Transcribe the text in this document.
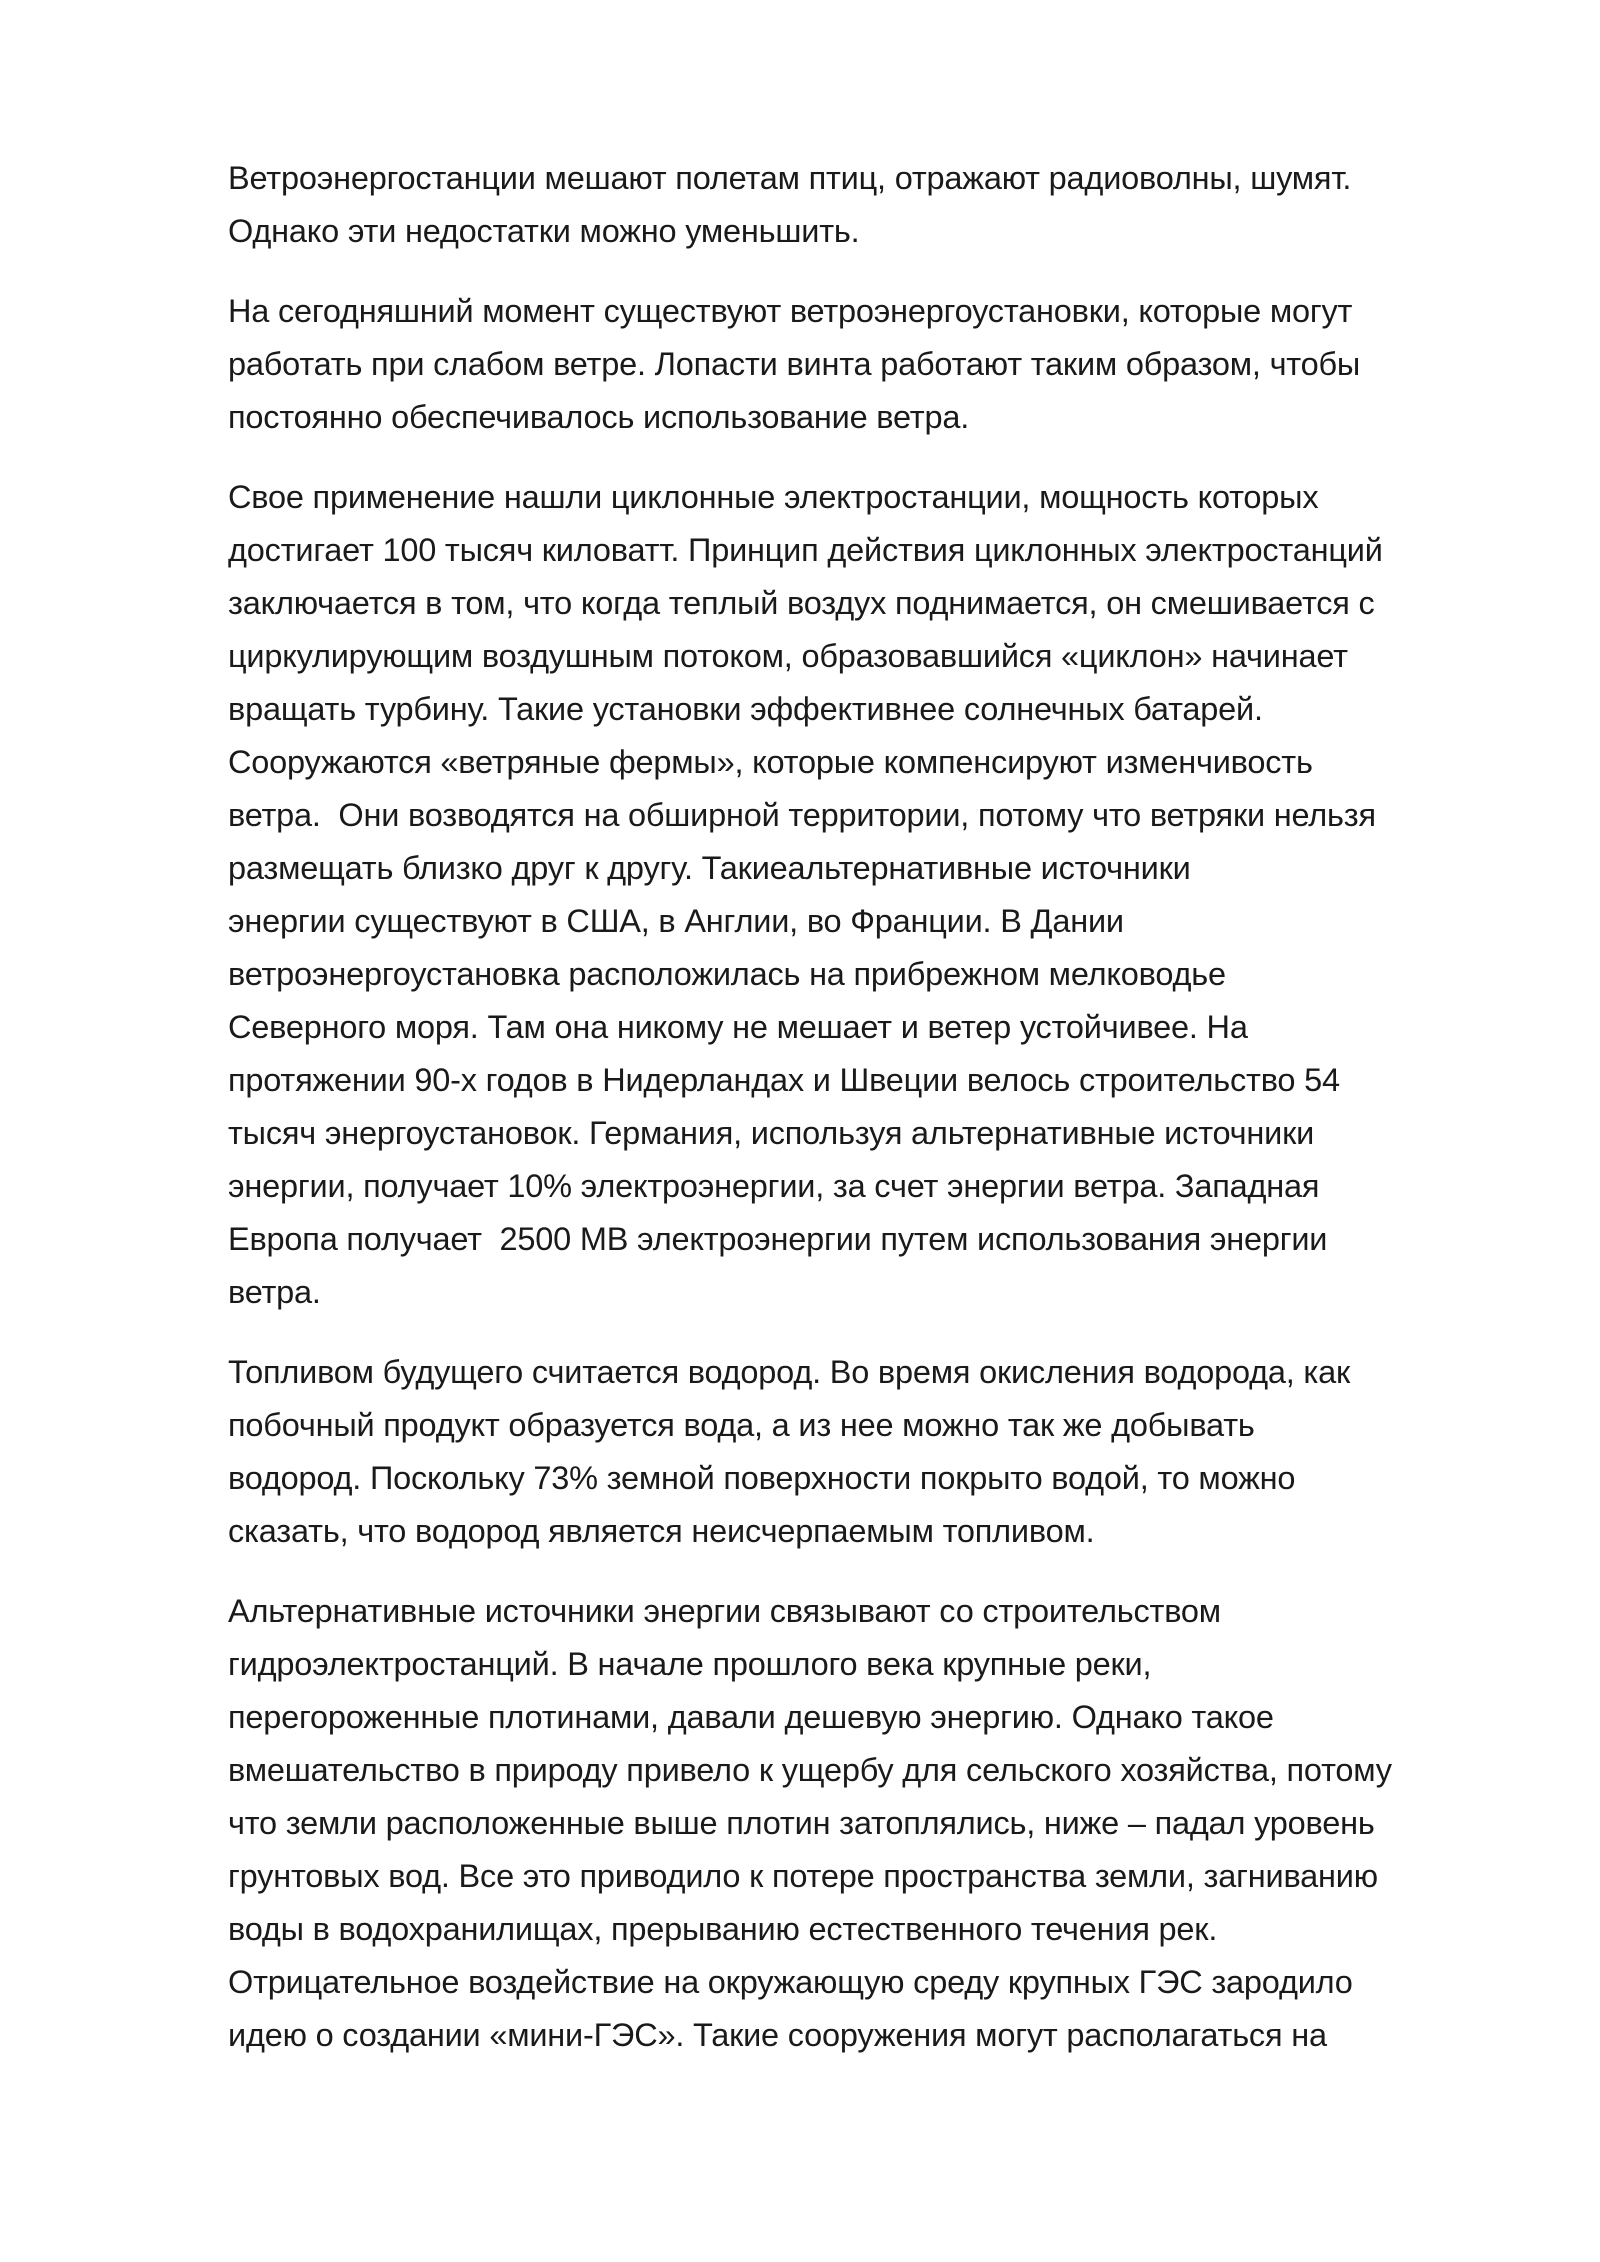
Ветроэнергостанции мешают полетам птиц, отражают радиоволны, шумят.
Однако эти недостатки можно уменьшить.

На сегодняшний момент существуют ветроэнергоустановки, которые могут
работать при слабом ветре. Лопасти винта работают таким образом, чтобы
постоянно обеспечивалось использование ветра.

Свое применение нашли циклонные электростанции, мощность которых
достигает 100 тысяч киловатт. Принцип действия циклонных электростанций
заключается в том, что когда теплый воздух поднимается, он смешивается с
циркулирующим воздушным потоком, образовавшийся «циклон» начинает
вращать турбину. Такие установки эффективнее солнечных батарей.
Сооружаются «ветряные фермы», которые компенсируют изменчивость
ветра.  Они возводятся на обширной территории, потому что ветряки нельзя
размещать близко друг к другу. Такиеальтернативные источники
энергии существуют в США, в Англии, во Франции. В Дании
ветроэнергоустановка расположилась на прибрежном мелководье
Северного моря. Там она никому не мешает и ветер устойчивее. На
протяжении 90-х годов в Нидерландах и Швеции велось строительство 54
тысяч энергоустановок. Германия, используя альтернативные источники
энергии, получает 10% электроэнергии, за счет энергии ветра. Западная
Европа получает  2500 МВ электроэнергии путем использования энергии
ветра.

Топливом будущего считается водород. Во время окисления водорода, как
побочный продукт образуется вода, а из нее можно так же добывать
водород. Поскольку 73% земной поверхности покрыто водой, то можно
сказать, что водород является неисчерпаемым топливом.

Альтернативные источники энергии связывают со строительством
гидроэлектростанций. В начале прошлого века крупные реки,
перегороженные плотинами, давали дешевую энергию. Однако такое
вмешательство в природу привело к ущербу для сельского хозяйства, потому
что земли расположенные выше плотин затоплялись, ниже – падал уровень
грунтовых вод. Все это приводило к потере пространства земли, загниванию
воды в водохранилищах, прерыванию естественного течения рек.
Отрицательное воздействие на окружающую среду крупных ГЭС зародило
идею о создании «мини-ГЭС». Такие сооружения могут располагаться на
